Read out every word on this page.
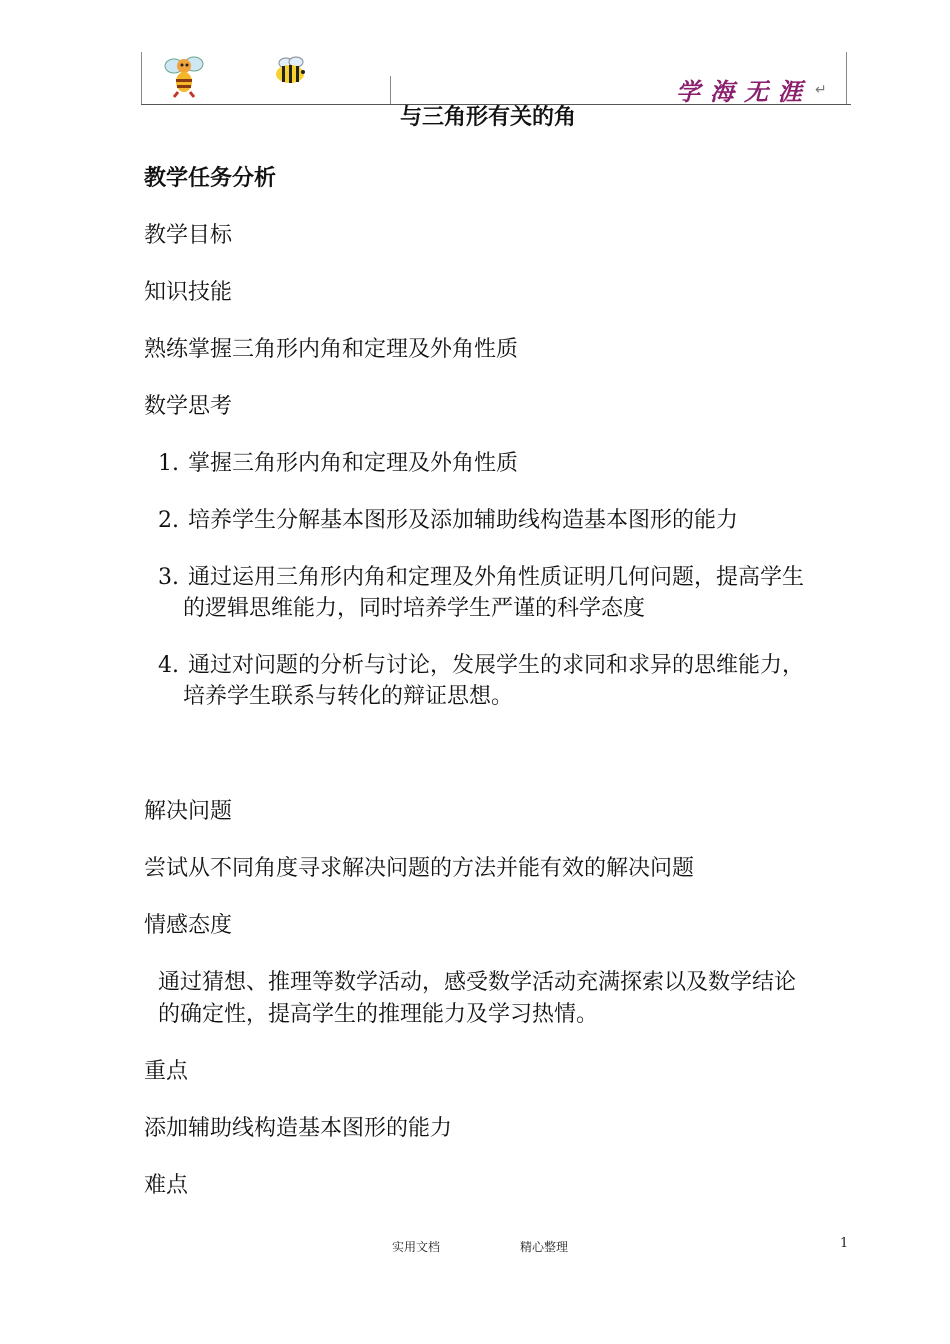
学海无涯 ↵
与三角形有关的角
教学任务分析
教学目标
知识技能
熟练掌握三角形内角和定理及外角性质
数学思考
1. 掌握三角形内角和定理及外角性质
2. 培养学生分解基本图形及添加辅助线构造基本图形的能力
3. 通过运用三角形内角和定理及外角性质证明几何问题，提高学生
的逻辑思维能力，同时培养学生严谨的科学态度
4. 通过对问题的分析与讨论，发展学生的求同和求异的思维能力，
培养学生联系与转化的辩证思想。
解决问题
尝试从不同角度寻求解决问题的方法并能有效的解决问题
情感态度
通过猜想、推理等数学活动，感受数学活动充满探索以及数学结论
的确定性，提高学生的推理能力及学习热情。
重点
添加辅助线构造基本图形的能力
难点
实用文档	精心整理	1
